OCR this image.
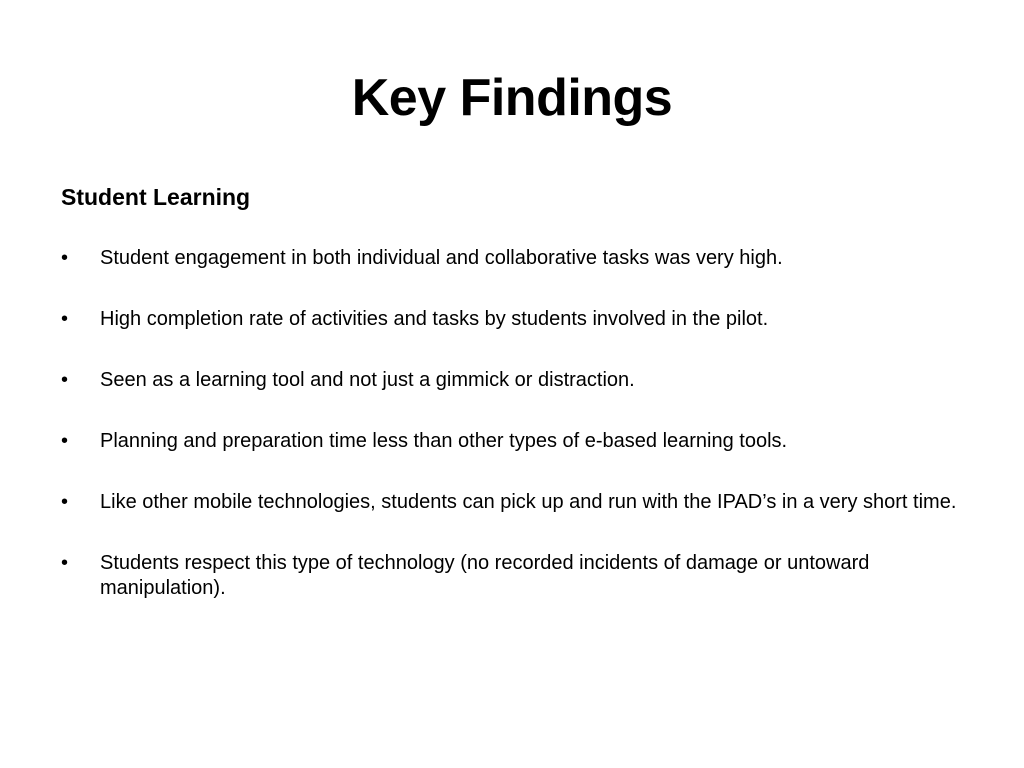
Key Findings
Student Learning
• Student engagement in both individual and collaborative tasks was very high.
• High completion rate of activities and tasks by students involved in the pilot.
• Seen as a learning tool and not just a gimmick or distraction.
• Planning and preparation time less than other types of e-based learning tools.
• Like other mobile technologies, students can pick up and run with the IPAD’s in a very short time.
• Students respect this type of technology (no recorded incidents of damage or untoward manipulation).
